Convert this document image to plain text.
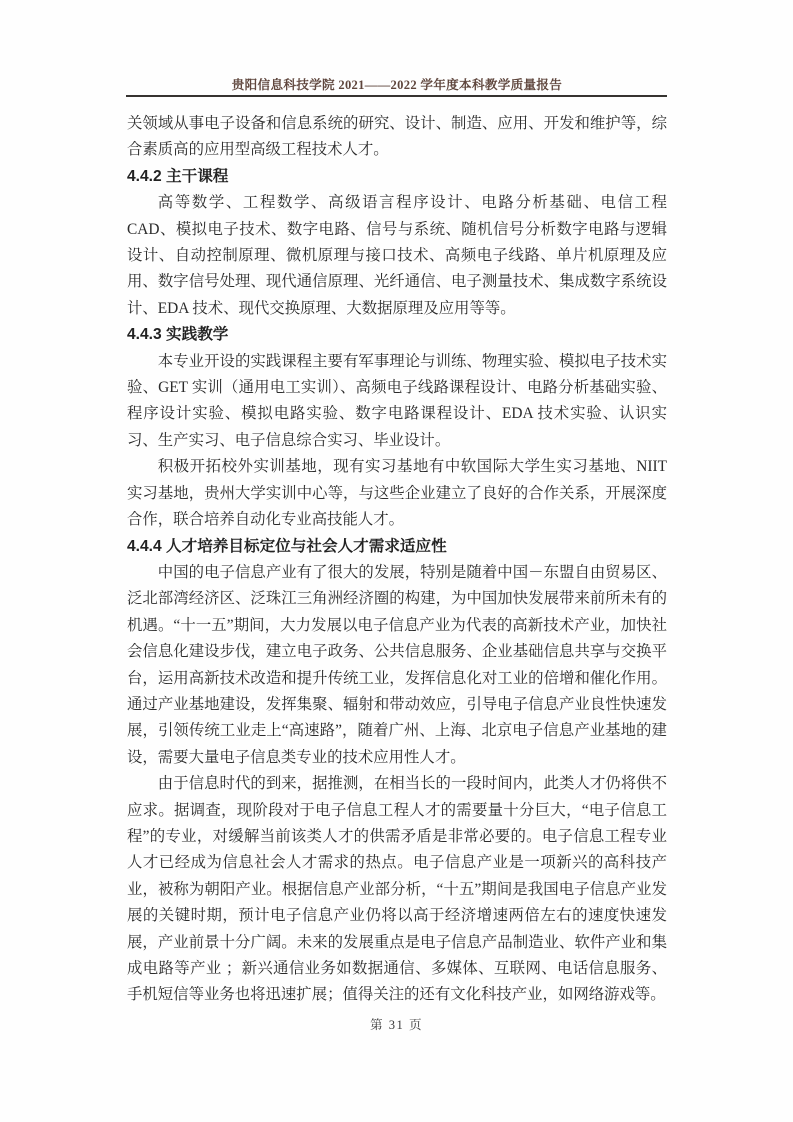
贵阳信息科技学院 2021——2022 学年度本科教学质量报告

关领域从事电子设备和信息系统的研究、设计、制造、应用、开发和维护等，综合素质高的应用型高级工程技术人才。

4.4.2 主干课程

高等数学、工程数学、高级语言程序设计、电路分析基础、电信工程 CAD、模拟电子技术、数字电路、信号与系统、随机信号分析数字电路与逻辑设计、自动控制原理、微机原理与接口技术、高频电子线路、单片机原理及应用、数字信号处理、现代通信原理、光纤通信、电子测量技术、集成数字系统设计、EDA 技术、现代交换原理、大数据原理及应用等等。

4.4.3 实践教学

本专业开设的实践课程主要有军事理论与训练、物理实验、模拟电子技术实验、GET 实训（通用电工实训）、高频电子线路课程设计、电路分析基础实验、程序设计实验、模拟电路实验、数字电路课程设计、EDA 技术实验、认识实习、生产实习、电子信息综合实习、毕业设计。

积极开拓校外实训基地，现有实习基地有中软国际大学生实习基地、NIIT 实习基地，贵州大学实训中心等，与这些企业建立了良好的合作关系，开展深度合作，联合培养自动化专业高技能人才。

4.4.4 人才培养目标定位与社会人才需求适应性

中国的电子信息产业有了很大的发展，特别是随着中国－东盟自由贸易区、泛北部湾经济区、泛珠江三角洲经济圈的构建，为中国加快发展带来前所未有的机遇。“十一五”期间，大力发展以电子信息产业为代表的高新技术产业，加快社会信息化建设步伐，建立电子政务、公共信息服务、企业基础信息共享与交换平台，运用高新技术改造和提升传统工业，发挥信息化对工业的倍增和催化作用。通过产业基地建设，发挥集聚、辐射和带动效应，引导电子信息产业良性快速发展，引领传统工业走上“高速路”，随着广州、上海、北京电子信息产业基地的建设，需要大量电子信息类专业的技术应用性人才。

由于信息时代的到来，据推测，在相当长的一段时间内，此类人才仍将供不应求。据调查，现阶段对于电子信息工程人才的需要量十分巨大，“电子信息工程”的专业，对缓解当前该类人才的供需矛盾是非常必要的。电子信息工程专业人才已经成为信息社会人才需求的热点。电子信息产业是一项新兴的高科技产业，被称为朝阳产业。根据信息产业部分析，“十五”期间是我国电子信息产业发展的关键时期，预计电子信息产业仍将以高于经济增速两倍左右的速度快速发展，产业前景十分广阔。未来的发展重点是电子信息产品制造业、软件产业和集成电路等产业 ；新兴通信业务如数据通信、多媒体、互联网、电话信息服务、手机短信等业务也将迅速扩展；值得关注的还有文化科技产业，如网络游戏等。

第 31 页
